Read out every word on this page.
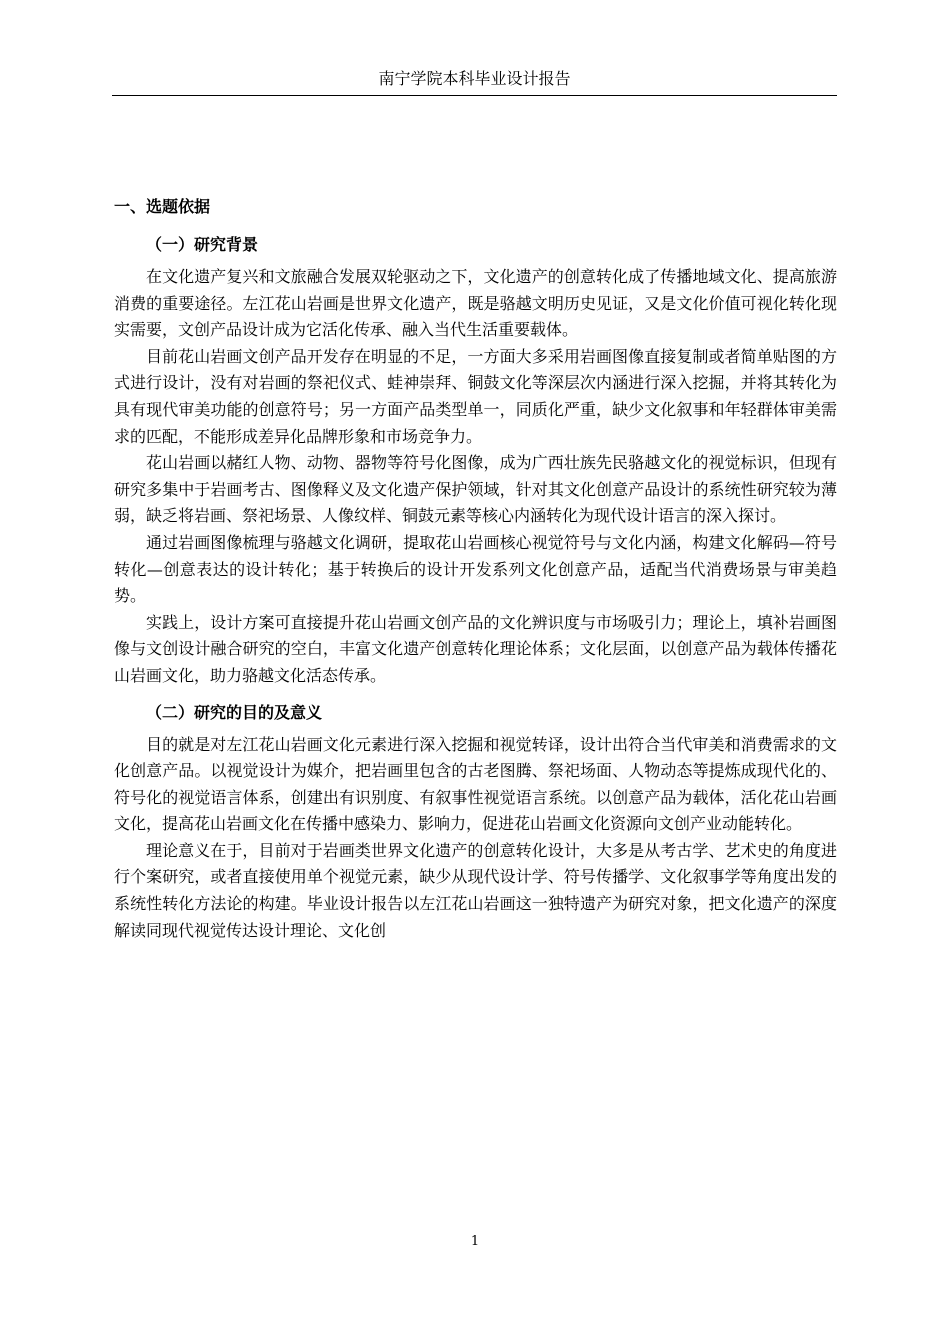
南宁学院本科毕业设计报告
一、选题依据
（一）研究背景

在文化遗产复兴和文旅融合发展双轮驱动之下，文化遗产的创意转化成了传播地域文化、提高旅游消费的重要途径。左江花山岩画是世界文化遗产，既是骆越文明历史见证，又是文化价值可视化转化现实需要，文创产品设计成为它活化传承、融入当代生活重要载体。

目前花山岩画文创产品开发存在明显的不足，一方面大多采用岩画图像直接复制或者简单贴图的方式进行设计，没有对岩画的祭祀仪式、蛙神崇拜、铜鼓文化等深层次内涵进行深入挖掘，并将其转化为具有现代审美功能的创意符号；另一方面产品类型单一，同质化严重，缺少文化叙事和年轻群体审美需求的匹配，不能形成差异化品牌形象和市场竞争力。

花山岩画以赭红人物、动物、器物等符号化图像，成为广西壮族先民骆越文化的视觉标识，但现有研究多集中于岩画考古、图像释义及文化遗产保护领域，针对其文化创意产品设计的系统性研究较为薄弱，缺乏将岩画、祭祀场景、人像纹样、铜鼓元素等核心内涵转化为现代设计语言的深入探讨。

通过岩画图像梳理与骆越文化调研，提取花山岩画核心视觉符号与文化内涵，构建文化解码—符号转化—创意表达的设计转化；基于转换后的设计开发系列文化创意产品，适配当代消费场景与审美趋势。

实践上，设计方案可直接提升花山岩画文创产品的文化辨识度与市场吸引力；理论上，填补岩画图像与文创设计融合研究的空白，丰富文化遗产创意转化理论体系；文化层面，以创意产品为载体传播花山岩画文化，助力骆越文化活态传承。

（二）研究的目的及意义

目的就是对左江花山岩画文化元素进行深入挖掘和视觉转译，设计出符合当代审美和消费需求的文化创意产品。以视觉设计为媒介，把岩画里包含的古老图腾、祭祀场面、人物动态等提炼成现代化的、符号化的视觉语言体系，创建出有识别度、有叙事性视觉语言系统。以创意产品为载体，活化花山岩画文化，提高花山岩画文化在传播中感染力、影响力，促进花山岩画文化资源向文创产业动能转化。

理论意义在于，目前对于岩画类世界文化遗产的创意转化设计，大多是从考古学、艺术史的角度进行个案研究，或者直接使用单个视觉元素，缺少从现代设计学、符号传播学、文化叙事学等角度出发的系统性转化方法论的构建。毕业设计报告以左江花山岩画这一独特遗产为研究对象，把文化遗产的深度解读同现代视觉传达设计理论、文化创

1
